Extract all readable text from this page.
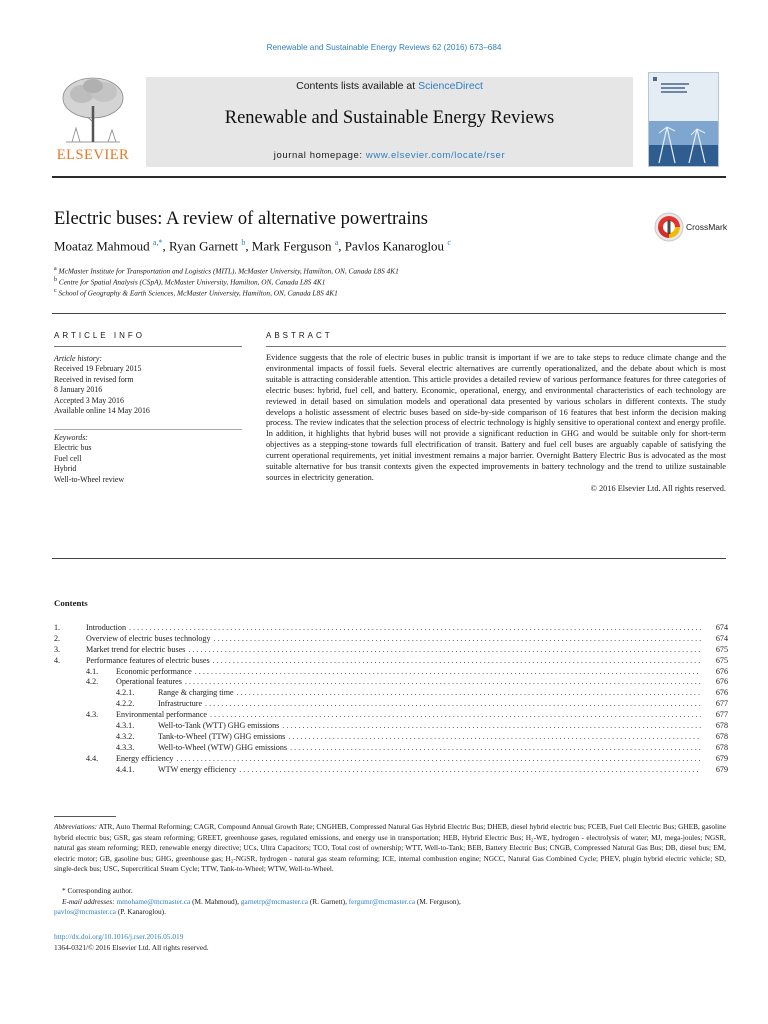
Renewable and Sustainable Energy Reviews 62 (2016) 673–684
ELSEVIER
Contents lists available at ScienceDirect
Renewable and Sustainable Energy Reviews
journal homepage: www.elsevier.com/locate/rser
Electric buses: A review of alternative powertrains	CrossMark
Moataz Mahmoud $^{a,*}$, Ryan Garnett $^b$, Mark Ferguson $^a$, Pavlos Kanaroglou $^c$
$^a$ McMaster Institute for Transportation and Logistics (MITL), McMaster University, Hamilton, ON, Canada L8S 4K1
$^b$ Centre for Spatial Analysis (CSpA), McMaster University, Hamilton, ON, Canada L8S 4K1
$^c$ School of Geography & Earth Sciences, McMaster University, Hamilton, ON, Canada L8S 4K1
ARTICLE INFO
Article history:
Received 19 February 2015
Received in revised form
8 January 2016
Accepted 3 May 2016
Available online 14 May 2016
Keywords:
Electric bus
Fuel cell
Hybrid
Well-to-Wheel review
ABSTRACT
Evidence suggests that the role of electric buses in public transit is important if we are to take steps to reduce climate change and the environmental impacts of fossil fuels. Several electric alternatives are currently operationalized, and the debate about which is most suitable is attracting considerable attention. This article provides a detailed review of various performance features for three categories of electric buses: hybrid, fuel cell, and battery. Economic, operational, energy, and environmental characteristics of each technology are reviewed in detail based on simulation models and operational data presented by various scholars in different contexts. The study develops a holistic assessment of electric buses based on side-by-side comparison of 16 features that best inform the decision making process. The review indicates that the selection process of electric technology is highly sensitive to operational context and energy profile. In addition, it highlights that hybrid buses will not provide a significant reduction in GHG and would be suitable only for short-term objectives as a stepping-stone towards full electrification of transit. Battery and fuel cell buses are arguably capable of satisfying the current operational requirements, yet initial investment remains a major barrier. Overnight Battery Electric Bus is advocated as the most suitable alternative for bus transit contexts given the expected improvements in battery technology and the trend to utilize sustainable sources in electricity generation.
© 2016 Elsevier Ltd. All rights reserved.
Contents
1.	Introduction . . .	674
2.	Overview of electric buses technology . . .	674
3.	Market trend for electric buses . . .	675
4.	Performance features of electric buses . . .	675
4.1.	Economic performance . . .	676
4.2.	Operational features . . .	676
4.2.1.	Range & charging time . . .	676
4.2.2.	Infrastructure . . .	677
4.3.	Environmental performance . . .	677
4.3.1.	Well-to-Tank (WTT) GHG emissions . . .	678
4.3.2.	Tank-to-Wheel (TTW) GHG emissions . . .	678
4.3.3.	Well-to-Wheel (WTW) GHG emissions . . .	678
4.4.	Energy efficiency . . .	679
4.4.1.	WTW energy efficiency . . .	679
Abbreviations: ATR, Auto Thermal Reforming; CAGR, Compound Annual Growth Rate; CNGHEB, Compressed Natural Gas Hybrid Electric Bus; DHEB, diesel hybrid electric bus; FCEB, Fuel Cell Electric Bus; GHEB, gasoline hybrid electric bus; GSR, gas steam reforming; GREET, greenhouse gases, regulated emissions, and energy use in transportation; HEB, Hybrid Electric Bus; H₂-WE, hydrogen - electrolysis of water; MJ, mega-joules; NGSR, natural gas steam reforming; RED, renewable energy directive; UCs, Ultra Capacitors; TCO, Total cost of ownership; WTT, Well-to-Tank; BEB, Battery Electric Bus; CNGB, Compressed Natural Gas Bus; DB, diesel bus; EM, electric motor; GB, gasoline bus; GHG, greenhouse gas; H₂-NGSR, hydrogen - natural gas steam reforming; ICE, internal combustion engine; NGCC, Natural Gas Combined Cycle; PHEV, plugin hybrid electric vehicle; SD, single-deck bus; USC, Supercritical Steam Cycle; TTW, Tank-to-Wheel; WTW, Well-to-Wheel.
* Corresponding author.
E-mail addresses: mmohame@mcmaster.ca (M. Mahmoud), garnetrp@mcmaster.ca (R. Garnett), fergumr@mcmaster.ca (M. Ferguson),
pavlos@mcmaster.ca (P. Kanaroglou).
http://dx.doi.org/10.1016/j.rser.2016.05.019
1364-0321/© 2016 Elsevier Ltd. All rights reserved.
